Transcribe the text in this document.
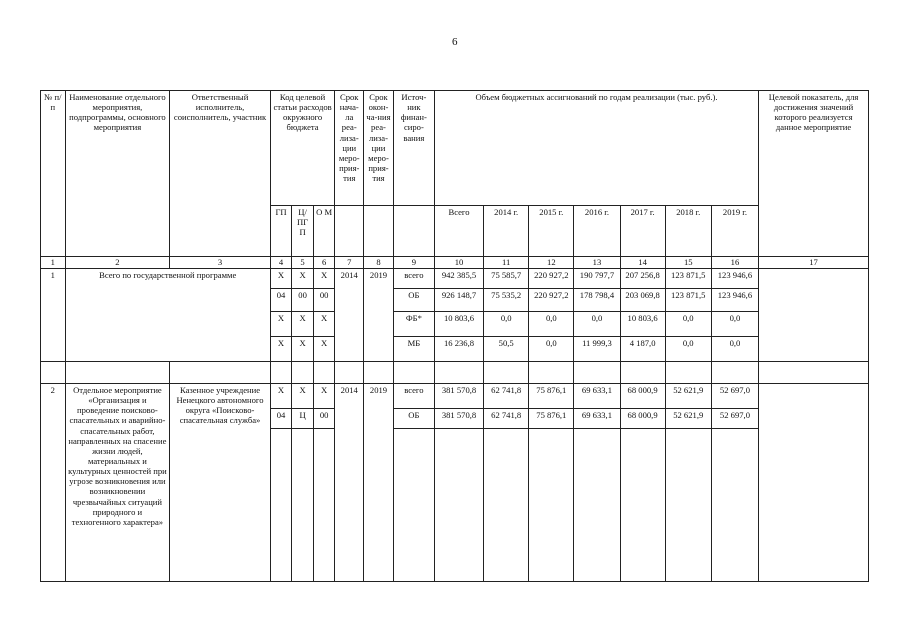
6
№ п/п	Наименование отдельного мероприятия, подпрограммы, основного мероприятия	Ответственный исполнитель, соисполнитель, участник	Код целевой статьи расходов окружного бюджета			Срок нача-ла реа-лиза-ции меро-прия-тия	Срок окон-ча-ния реа-лиза-ции меро-прия-тия	Источ-ник финан-сиро-вания	Объем бюджетных ассигнований по годам реализации (тыс. руб.).							Целевой показатель, для достижения значений которого реализуется данное мероприятие
			ГП	Ц/ ПГ П	О М				Всего	2014 г.	2015 г.	2016 г.	2017 г.	2018 г.	2019 г.	
1	2	3	4	5	6	7	8	9	10	11	12	13	14	15	16	17
1	Всего по государственной программе		Х	Х	Х	2014	2019	всего	942 385,5	75 585,7	220 927,2	190 797,7	207 256,8	123 871,5	123 946,6	
			04	00	00			ОБ	926 148,7	75 535,2	220 927,2	178 798,4	203 069,8	123 871,5	123 946,6	
			Х	Х	Х			ФБ*	10 803,6	0,0	0,0	0,0	10 803,6	0,0	0,0	
			Х	Х	Х			МБ	16 236,8	50,5	0,0	11 999,3	4 187,0	0,0	0,0	

2	Отдельное мероприятие «Организация и проведение поисково-спасательных и аварийно-спасательных работ, направленных на спасение жизни людей, материальных и культурных ценностей при угрозе возникновения или возникновении чрезвычайных ситуаций природного и техногенного характера»	Казенное учреждение Ненецкого автономного округа «Поисково-спасательная служба»	Х	Х	Х	2014	2019	всего	381 570,8	62 741,8	75 876,1	69 633,1	68 000,9	52 621,9	52 697,0	
			04	Ц	00			ОБ	381 570,8	62 741,8	75 876,1	69 633,1	68 000,9	52 621,9	52 697,0	
